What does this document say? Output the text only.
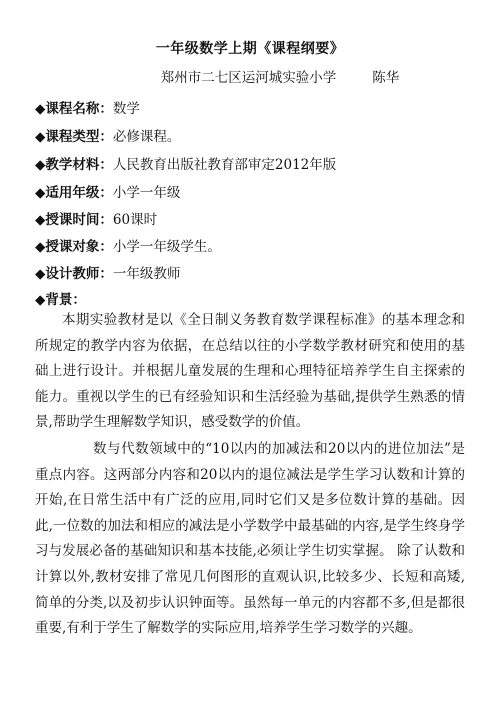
一年级数学上期《课程纲要》
郑州市二七区运河城实验小学	陈华
◆课程名称：数学
◆课程类型：必修课程。
◆教学材料：人民教育出版社教育部审定2012年版
◆适用年级：小学一年级
◆授课时间：60课时
◆授课对象：小学一年级学生。
◆设计教师：一年级教师
◆背景：

本期实验教材是以《全日制义务教育数学课程标准》的基本理念和所规定的教学内容为依据，在总结以往的小学数学教材研究和使用的基础上进行设计。并根据儿童发展的生理和心理特征培养学生自主探索的能力。重视以学生的已有经验知识和生活经验为基础,提供学生熟悉的情景,帮助学生理解数学知识，感受数学的价值。

数与代数领域中的“10以内的加减法和20以内的进位加法”是重点内容。这两部分内容和20以内的退位减法是学生学习认数和计算的开始,在日常生活中有广泛的应用,同时它们又是多位数计算的基础。因此,一位数的加法和相应的减法是小学数学中最基础的内容,是学生终身学习与发展必备的基础知识和基本技能,必须让学生切实掌握。 除了认数和计算以外,教材安排了常见几何图形的直观认识,比较多少、长短和高矮,简单的分类,以及初步认识钟面等。虽然每一单元的内容都不多,但是都很重要,有利于学生了解数学的实际应用,培养学生学习数学的兴趣。
